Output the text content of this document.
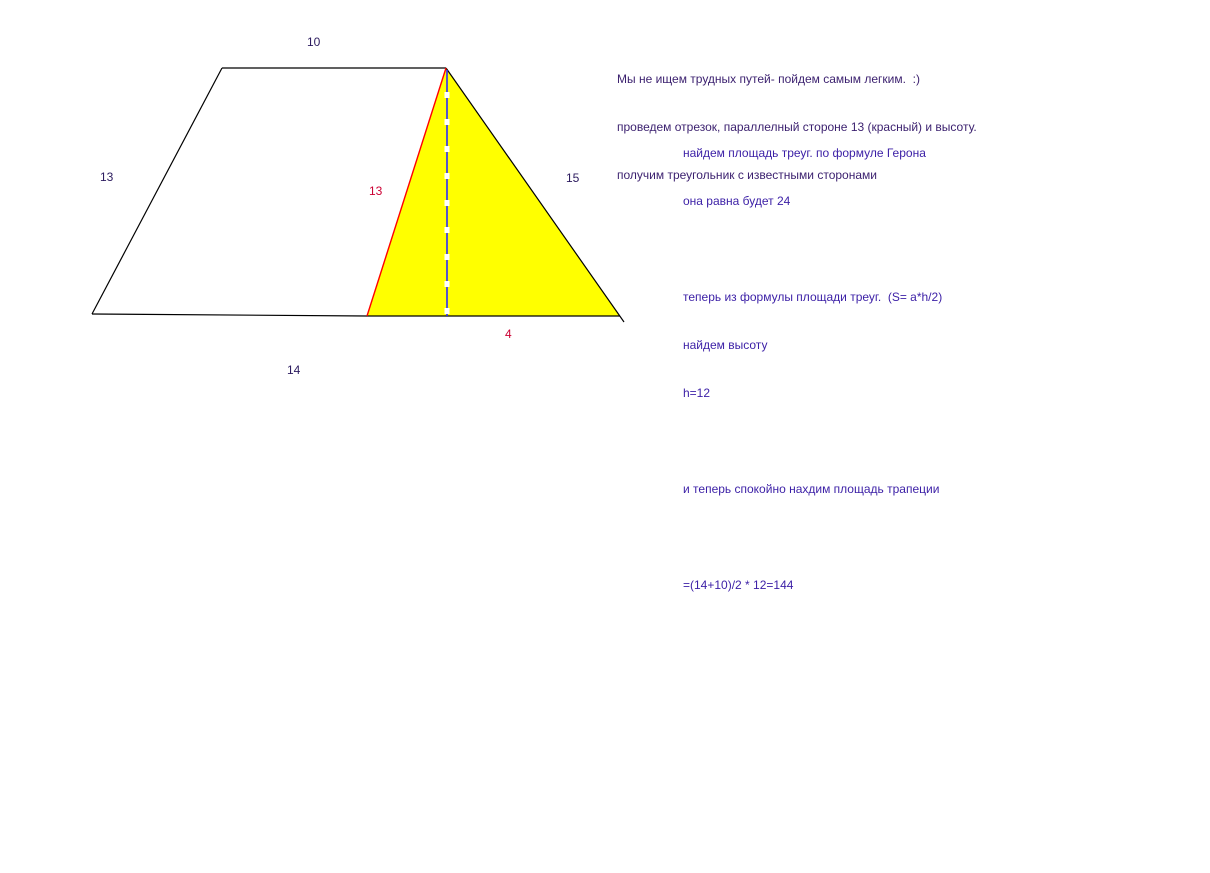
10
13
13
15
4
14

Мы не ищем трудных путей- пойдем самым легким.  :)

проведем отрезок, параллелный стороне 13 (красный) и высоту.

получим треугольник с известными сторонами

найдем площадь треуг. по формуле Герона

она равна будет 24

теперь из формулы площади треуг.  (S= a*h/2)

найдем высоту

h=12

и теперь спокойно нахдим площадь трапеции

=(14+10)/2 * 12=144
